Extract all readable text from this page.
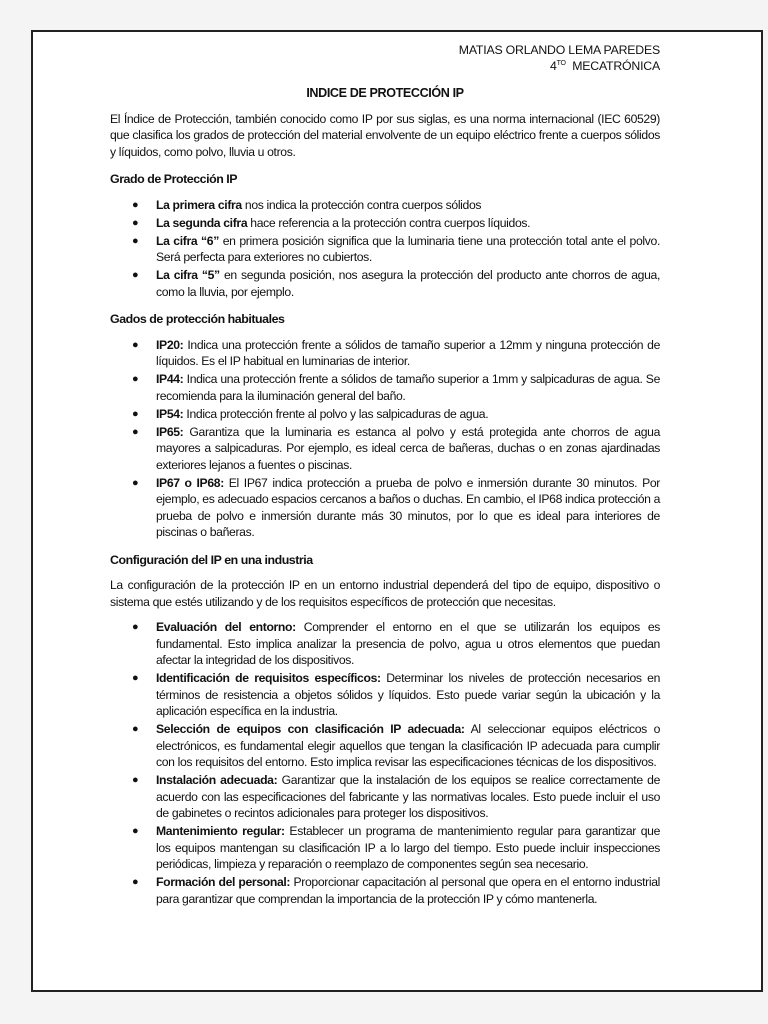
MATIAS ORLANDO LEMA PAREDES
$4^{TO}$ MECATRÓNICA
INDICE DE PROTECCIÓN IP

El Índice de Protección, también conocido como IP por sus siglas, es una norma internacional (IEC 60529) que clasifica los grados de protección del material envolvente de un equipo eléctrico frente a cuerpos sólidos y líquidos, como polvo, lluvia u otros.

Grado de Protección IP
● La primera cifra nos indica la protección contra cuerpos sólidos
● La segunda cifra hace referencia a la protección contra cuerpos líquidos.
● La cifra “6” en primera posición significa que la luminaria tiene una protección total ante el polvo. Será perfecta para exteriores no cubiertos.
● La cifra “5” en segunda posición, nos asegura la protección del producto ante chorros de agua, como la lluvia, por ejemplo.
Gados de protección habituales
● IP20: Indica una protección frente a sólidos de tamaño superior a 12mm y ninguna protección de líquidos. Es el IP habitual en luminarias de interior.
● IP44: Indica una protección frente a sólidos de tamaño superior a 1mm y salpicaduras de agua. Se recomienda para la iluminación general del baño.
● IP54: Indica protección frente al polvo y las salpicaduras de agua.
● IP65: Garantiza que la luminaria es estanca al polvo y está protegida ante chorros de agua mayores a salpicaduras. Por ejemplo, es ideal cerca de bañeras, duchas o en zonas ajardinadas exteriores lejanos a fuentes o piscinas.
● IP67 o IP68: El IP67 indica protección a prueba de polvo e inmersión durante 30 minutos. Por ejemplo, es adecuado espacios cercanos a baños o duchas. En cambio, el IP68 indica protección a prueba de polvo e inmersión durante más 30 minutos, por lo que es ideal para interiores de piscinas o bañeras.
Configuración del IP en una industria

La configuración de la protección IP en un entorno industrial dependerá del tipo de equipo, dispositivo o sistema que estés utilizando y de los requisitos específicos de protección que necesitas.

● Evaluación del entorno: Comprender el entorno en el que se utilizarán los equipos es fundamental. Esto implica analizar la presencia de polvo, agua u otros elementos que puedan afectar la integridad de los dispositivos.
● Identificación de requisitos específicos: Determinar los niveles de protección necesarios en términos de resistencia a objetos sólidos y líquidos. Esto puede variar según la ubicación y la aplicación específica en la industria.
● Selección de equipos con clasificación IP adecuada: Al seleccionar equipos eléctricos o electrónicos, es fundamental elegir aquellos que tengan la clasificación IP adecuada para cumplir con los requisitos del entorno. Esto implica revisar las especificaciones técnicas de los dispositivos.
● Instalación adecuada: Garantizar que la instalación de los equipos se realice correctamente de acuerdo con las especificaciones del fabricante y las normativas locales. Esto puede incluir el uso de gabinetes o recintos adicionales para proteger los dispositivos.
● Mantenimiento regular: Establecer un programa de mantenimiento regular para garantizar que los equipos mantengan su clasificación IP a lo largo del tiempo. Esto puede incluir inspecciones periódicas, limpieza y reparación o reemplazo de componentes según sea necesario.
● Formación del personal: Proporcionar capacitación al personal que opera en el entorno industrial para garantizar que comprendan la importancia de la protección IP y cómo mantenerla.
